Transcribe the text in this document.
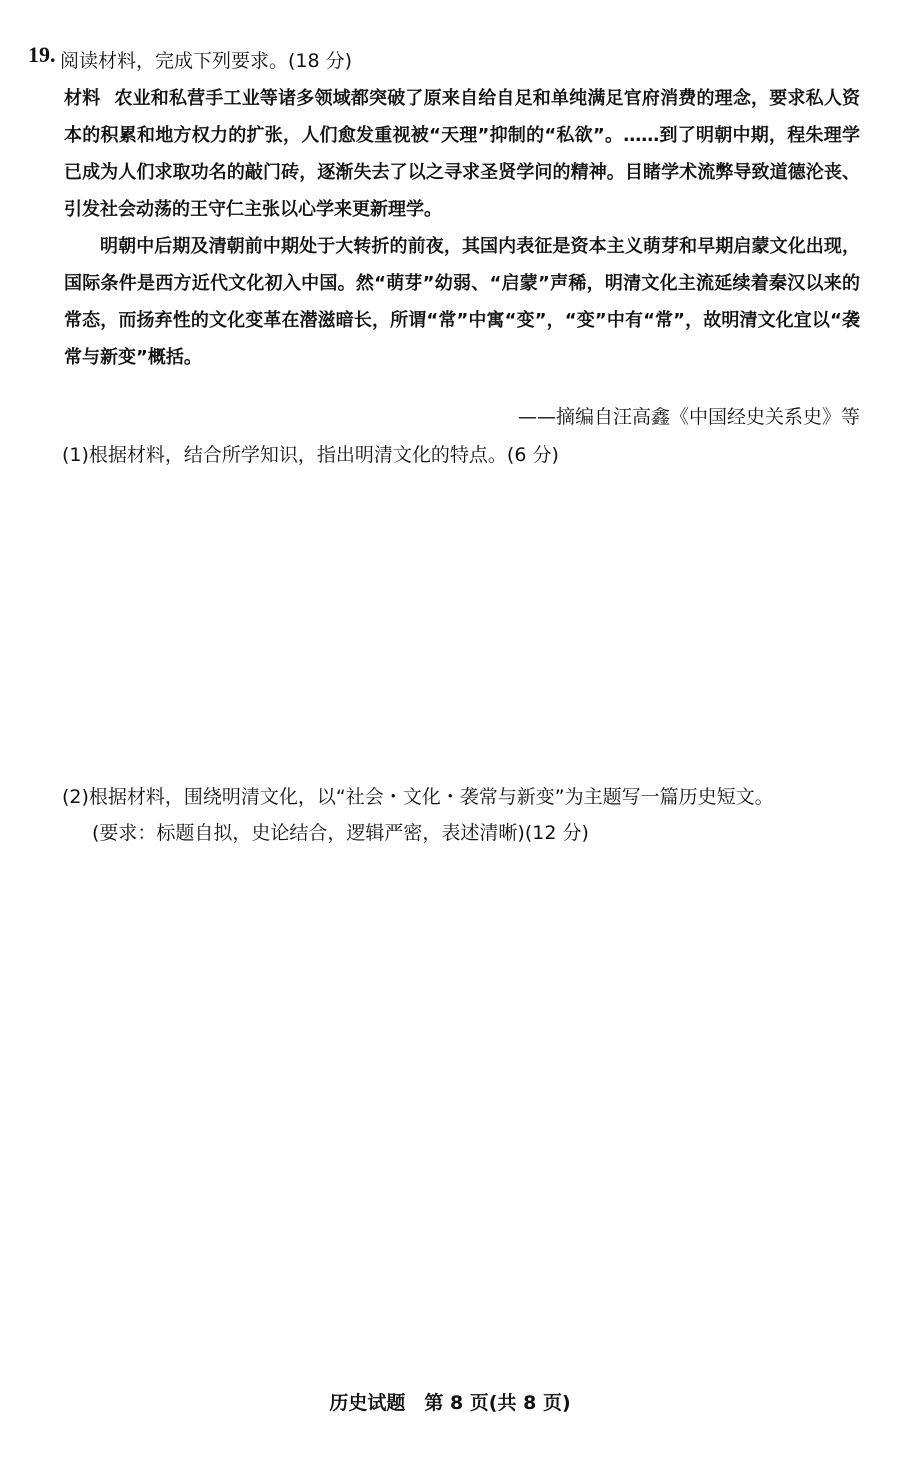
19. 阅读材料，完成下列要求。(18 分)

材料 农业和私营手工业等诸多领域都突破了原来自给自足和单纯满足官府消费的理念，要求私人资本的积累和地方权力的扩张，人们愈发重视被“天理”抑制的“私欲”。……到了明朝中期，程朱理学已成为人们求取功名的敲门砖，逐渐失去了以之寻求圣贤学问的精神。目睹学术流弊导致道德沦丧、引发社会动荡的王守仁主张以心学来更新理学。

明朝中后期及清朝前中期处于大转折的前夜，其国内表征是资本主义萌芽和早期启蒙文化出现，国际条件是西方近代文化初入中国。然“萌芽”幼弱、“启蒙”声稀，明清文化主流延续着秦汉以来的常态，而扬弃性的文化变革在潜滋暗长，所谓“常”中寓“变”，“变”中有“常”，故明清文化宜以“袭常与新变”概括。

——摘编自汪高鑫《中国经史关系史》等
(1)根据材料，结合所学知识，指出明清文化的特点。(6 分)
(2)根据材料，围绕明清文化，以“社会・文化・袭常与新变”为主题写一篇历史短文。
(要求：标题自拟，史论结合，逻辑严密，表述清晰)(12 分)
历史试题　第 8 页(共 8 页)
